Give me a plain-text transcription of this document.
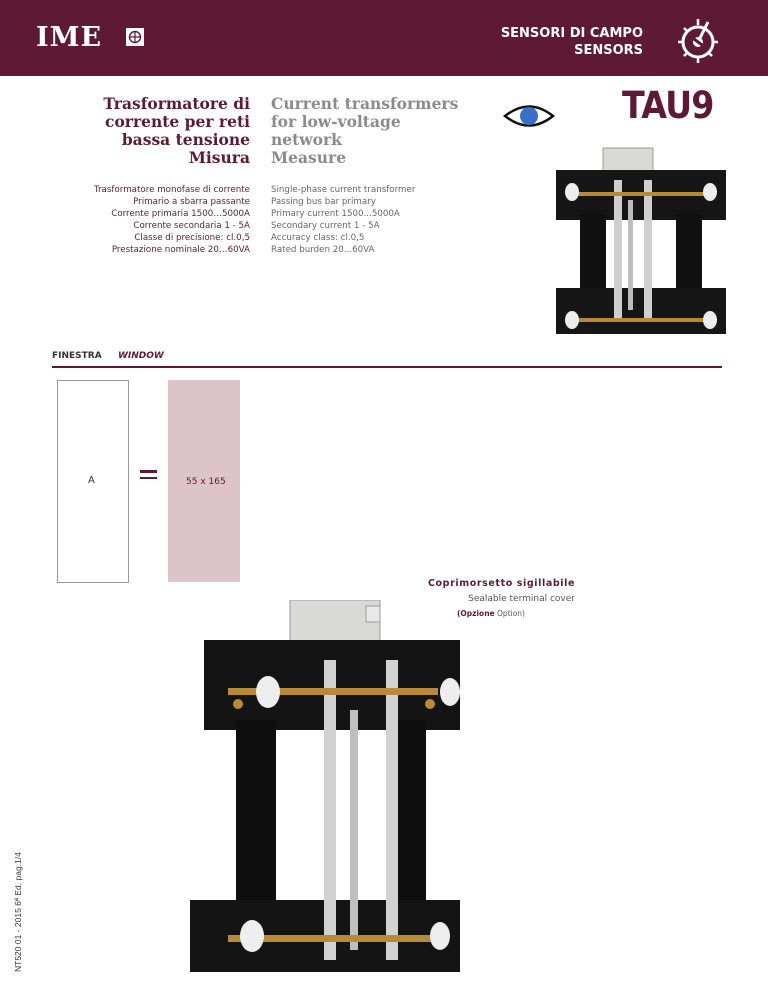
IME	SENSORI DI CAMPO
SENSORS
Trasformatore di
corrente per reti
bassa tensione
Misura
Current transformers
for low-voltage
network
Measure
TAU9
Trasformatore monofase di corrente
Primario a sbarra passante
Corrente primaria 1500…5000A
Corrente secondaria 1 - 5A
Classe di precisione: cl.0,5
Prestazione nominale 20…60VA
Single-phase current transformer
Passing bus bar primary
Primary current 1500...5000A
Secondary current 1 - 5A
Accuracy class: cl.0,5
Rated burden 20...60VA
FINESTRA WINDOW
A	55 x 165
Coprimorsetto sigillabile
Sealable terminal cover
(Opzione Option)
NT520 01 - 2015 6ª Ed. pag.1/4
